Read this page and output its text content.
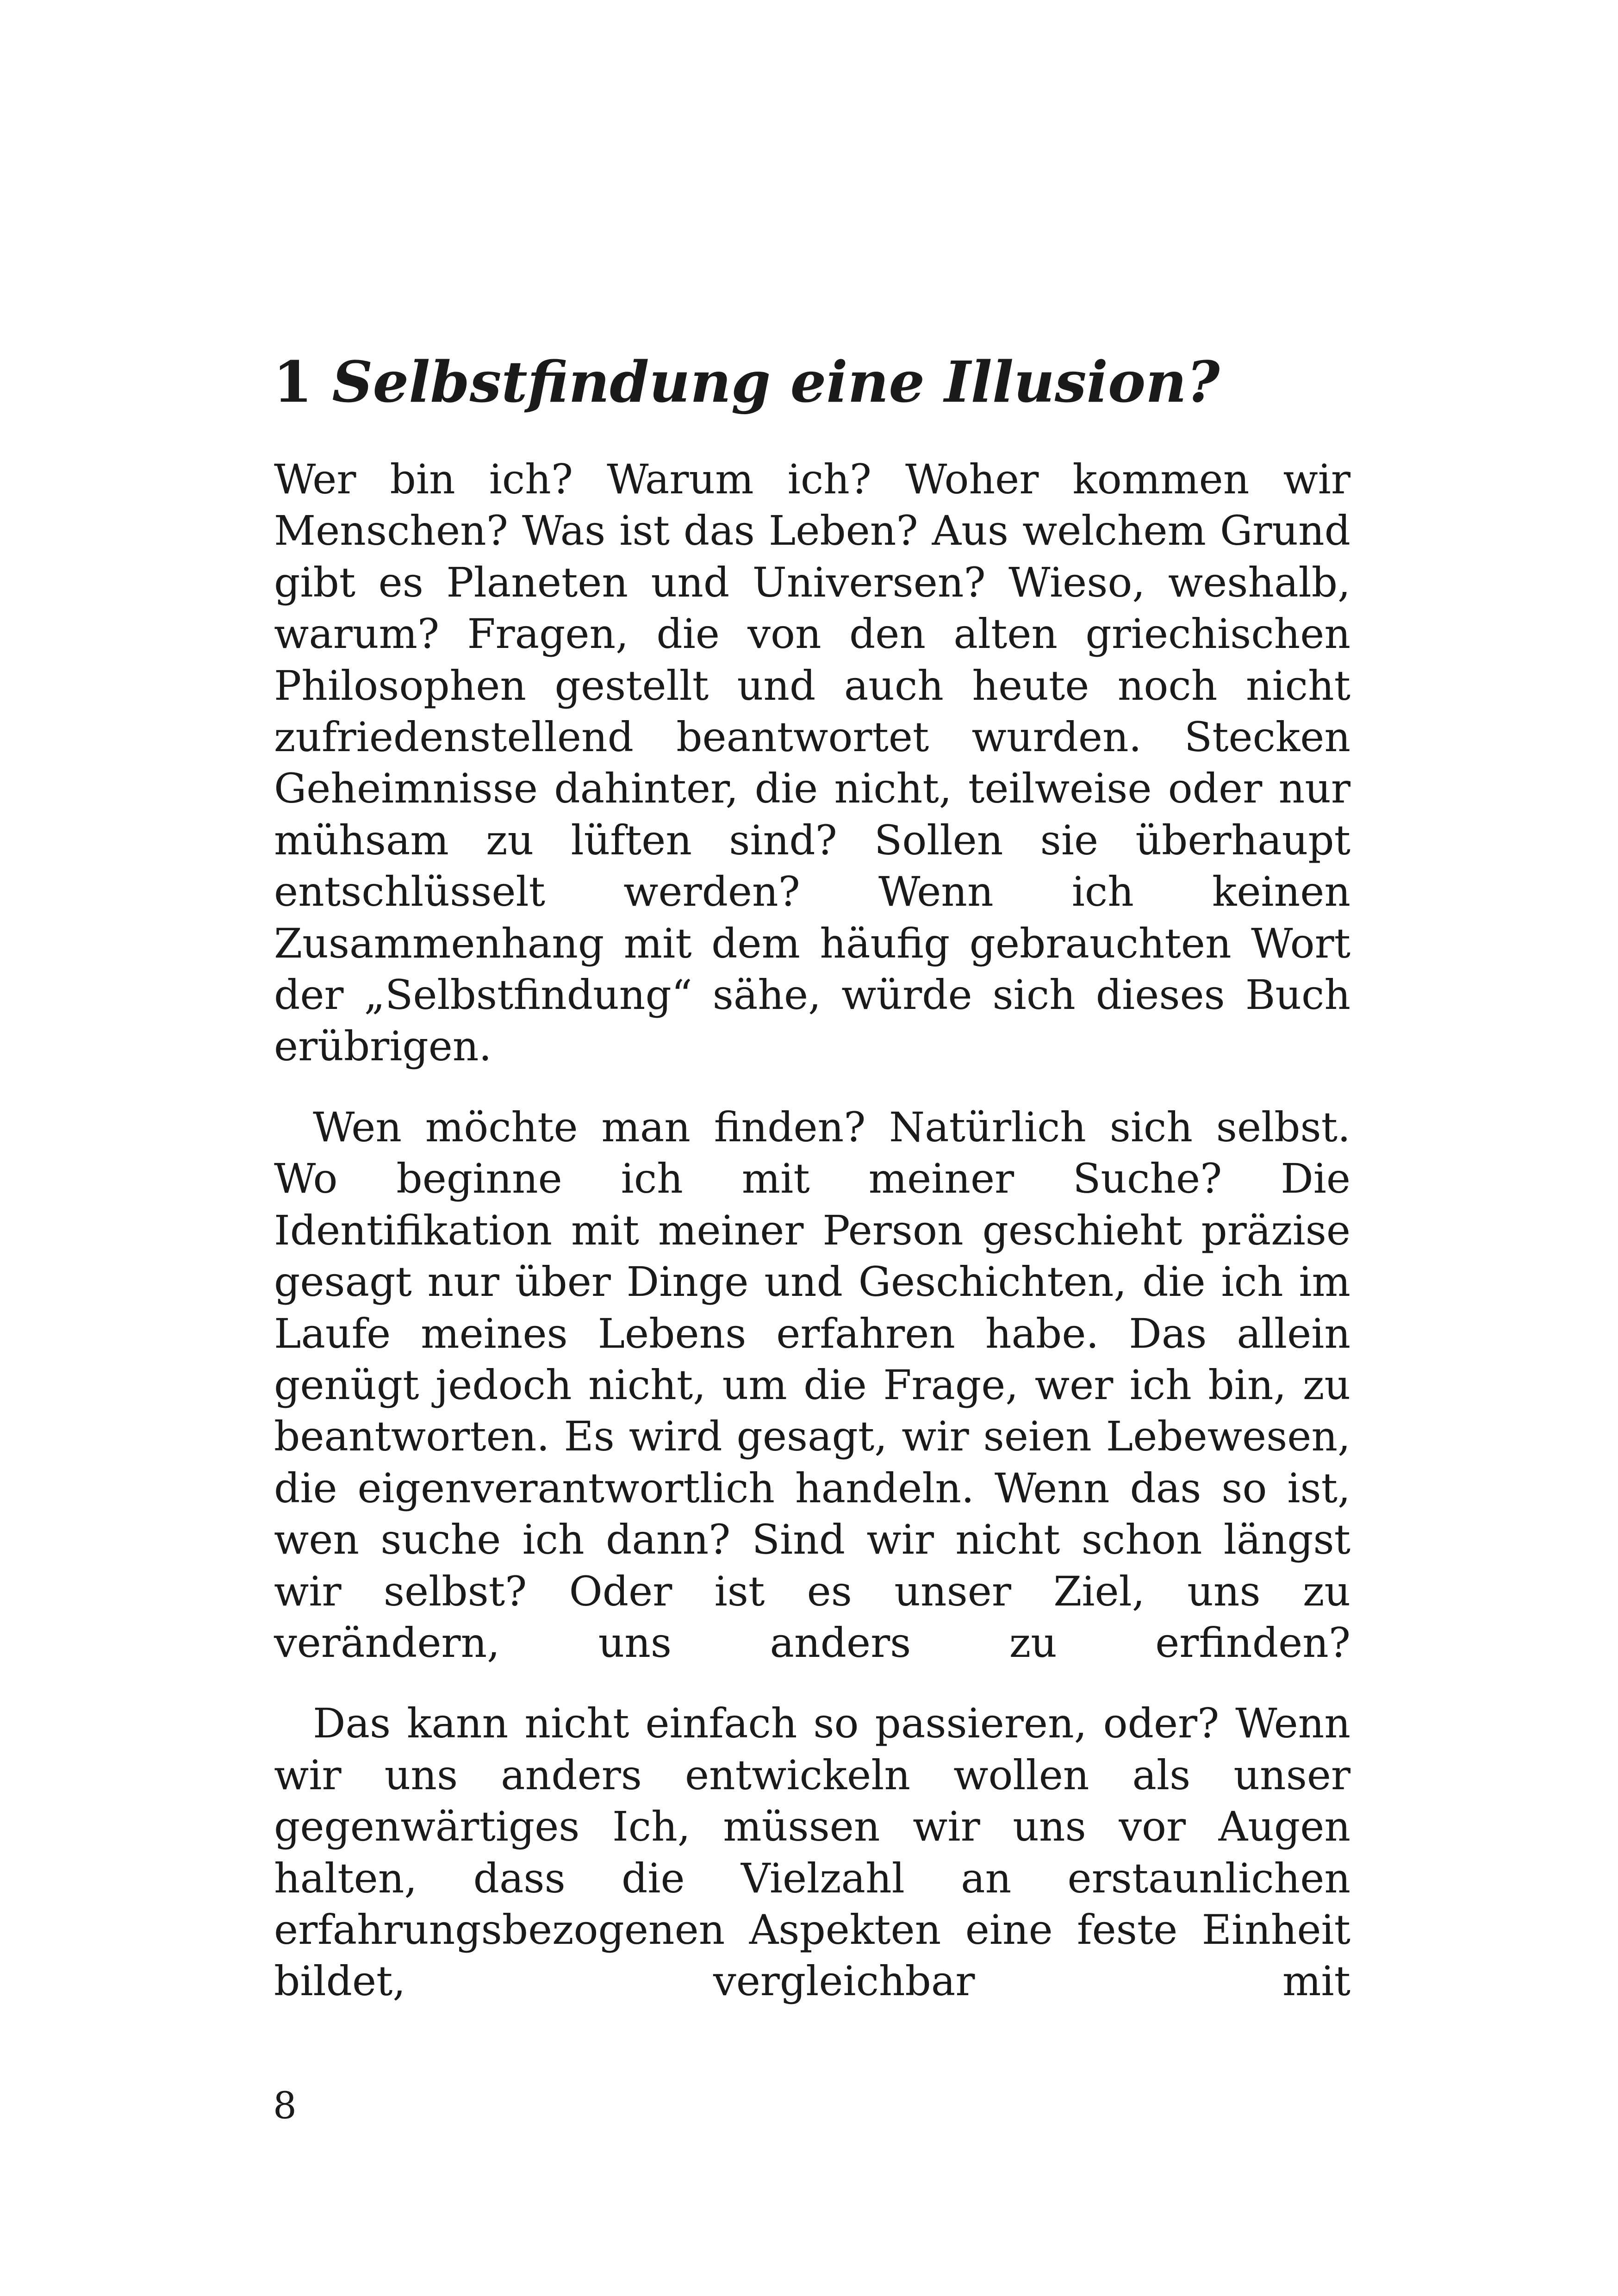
1 Selbstfindung eine Illusion?

Wer bin ich? Warum ich? Woher kommen wir Menschen? Was ist das Leben? Aus welchem Grund gibt es Planeten und Universen? Wieso, weshalb, warum? Fragen, die von den alten griechischen Philosophen gestellt und auch heute noch nicht zufriedenstellend beantwortet wurden. Stecken Geheimnisse dahinter, die nicht, teilweise oder nur mühsam zu lüften sind? Sollen sie überhaupt entschlüsselt werden? Wenn ich keinen Zusammenhang mit dem häufig gebrauchten Wort der „Selbstfindung“ sähe, würde sich dieses Buch erübrigen.

Wen möchte man finden? Natürlich sich selbst. Wo beginne ich mit meiner Suche? Die Identifikation mit meiner Person geschieht präzise gesagt nur über Dinge und Geschichten, die ich im Laufe meines Lebens erfahren habe. Das allein genügt jedoch nicht, um die Frage, wer ich bin, zu beantworten. Es wird gesagt, wir seien Lebewesen, die eigenverantwortlich handeln. Wenn das so ist, wen suche ich dann? Sind wir nicht schon längst wir selbst? Oder ist es unser Ziel, uns zu verändern, uns anders zu erfinden?

Das kann nicht einfach so passieren, oder? Wenn wir uns anders entwickeln wollen als unser gegenwärtiges Ich, müssen wir uns vor Augen halten, dass die Vielzahl an erstaunlichen erfahrungsbezogenen Aspekten eine feste Einheit bildet, vergleichbar mit

8
